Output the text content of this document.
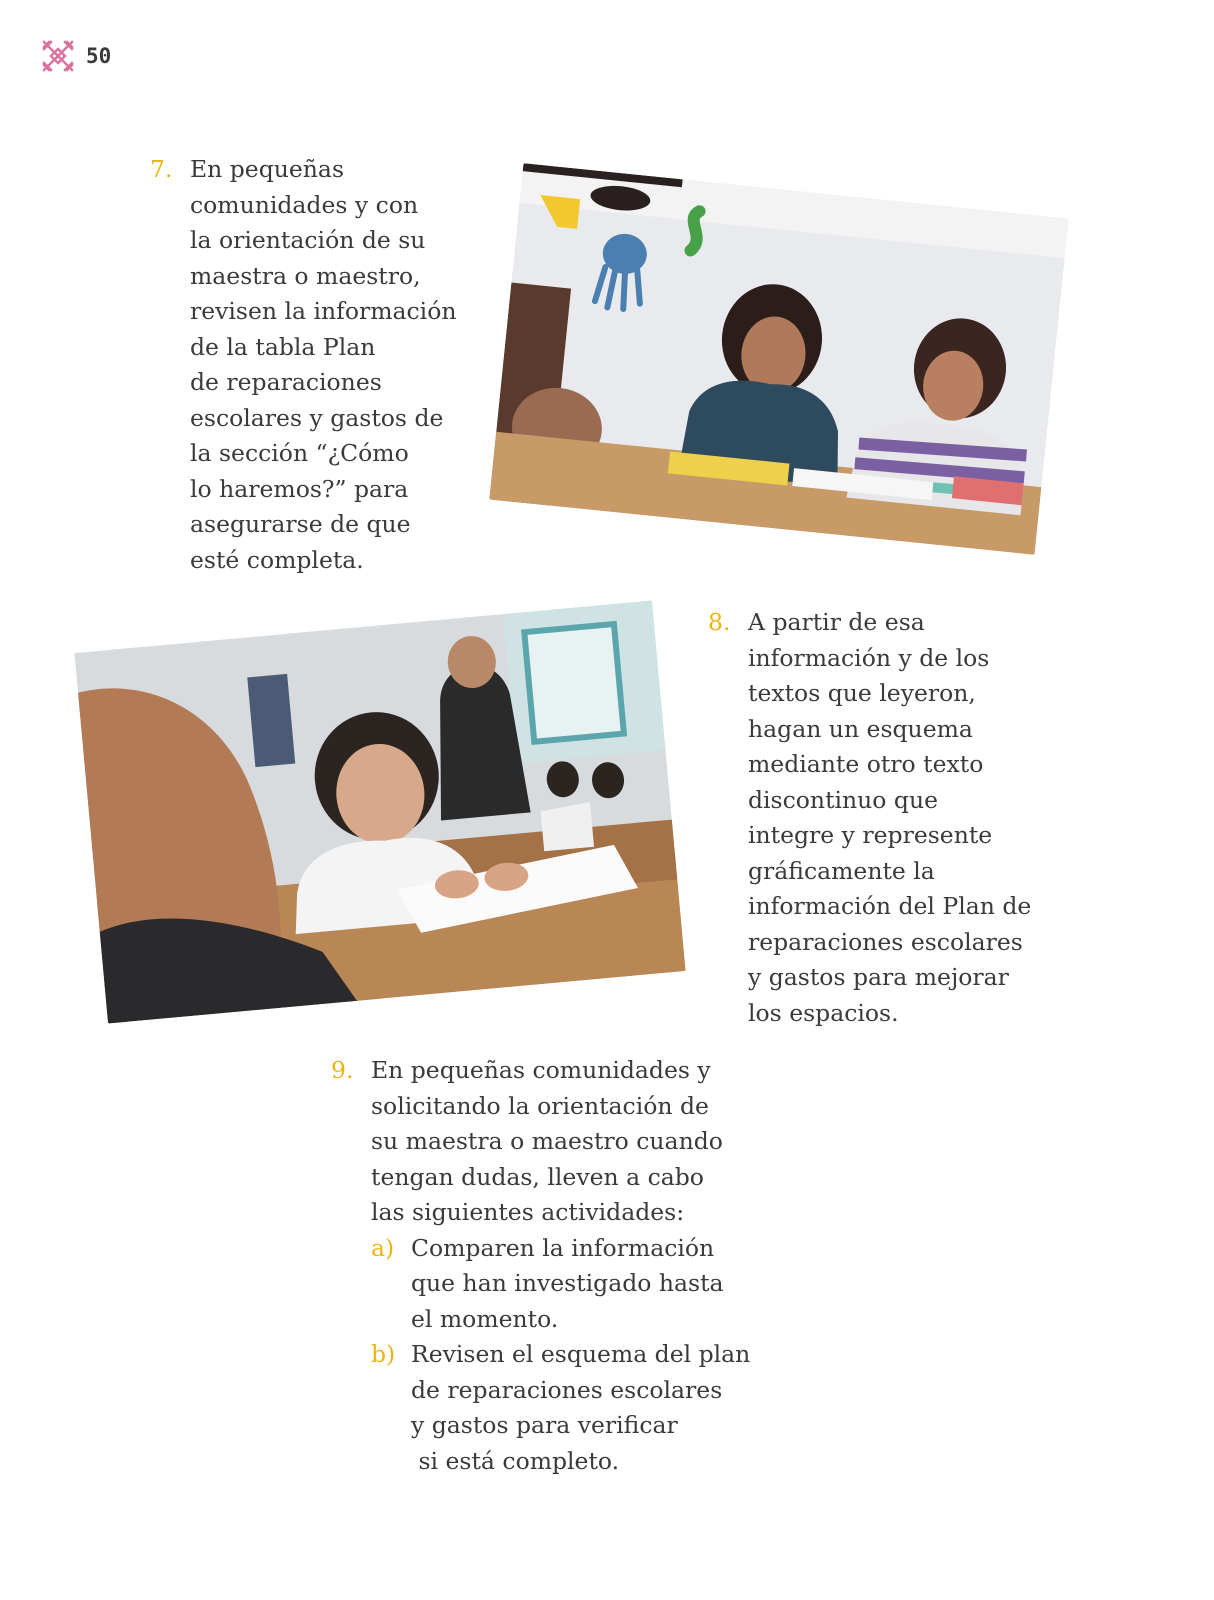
50
7. En pequeñas
comunidades y con
la orientación de su
maestra o maestro,
revisen la información
de la tabla Plan
de reparaciones
escolares y gastos de
la sección “¿Cómo
lo haremos?” para
asegurarse de que
esté completa.
8. A partir de esa
información y de los
textos que leyeron,
hagan un esquema
mediante otro texto
discontinuo que
integre y represente
gráficamente la
información del Plan de
reparaciones escolares
y gastos para mejorar
los espacios.
9. En pequeñas comunidades y
solicitando la orientación de
su maestra o maestro cuando
tengan dudas, lleven a cabo
las siguientes actividades:
a) Comparen la información
que han investigado hasta
el momento.
b) Revisen el esquema del plan
de reparaciones escolares
y gastos para verificar
si está completo.
